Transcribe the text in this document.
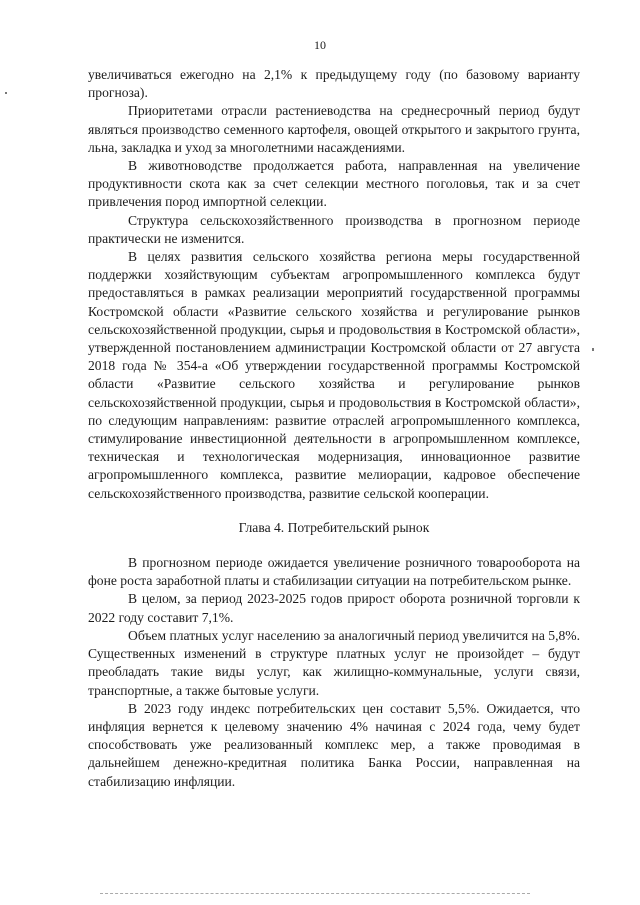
10

увеличиваться ежегодно на 2,1% к предыдущему году (по базовому варианту прогноза).

Приоритетами отрасли растениеводства на среднесрочный период будут являться производство семенного картофеля, овощей открытого и закрытого грунта, льна, закладка и уход за многолетними насаждениями.

В животноводстве продолжается работа, направленная на увеличение продуктивности скота как за счет селекции местного поголовья, так и за счет привлечения пород импортной селекции.

Структура сельскохозяйственного производства в прогнозном периоде практически не изменится.

В целях развития сельского хозяйства региона меры государственной поддержки хозяйствующим субъектам агропромышленного комплекса будут предоставляться в рамках реализации мероприятий государственной программы Костромской области «Развитие сельского хозяйства и регулирование рынков сельскохозяйственной продукции, сырья и продовольствия в Костромской области», утвержденной постановлением администрации Костромской области от 27 августа 2018 года № 354-а «Об утверждении государственной программы Костромской области «Развитие сельского хозяйства и регулирование рынков сельскохозяйственной продукции, сырья и продовольствия в Костромской области», по следующим направлениям: развитие отраслей агропромышленного комплекса, стимулирование инвестиционной деятельности в агропромышленном комплексе, техническая и технологическая модернизация, инновационное развитие агропромышленного комплекса, развитие мелиорации, кадровое обеспечение сельскохозяйственного производства, развитие сельской кооперации.

Глава 4. Потребительский рынок

В прогнозном периоде ожидается увеличение розничного товарооборота на фоне роста заработной платы и стабилизации ситуации на потребительском рынке.

В целом, за период 2023-2025 годов прирост оборота розничной торговли к 2022 году составит 7,1%.

Объем платных услуг населению за аналогичный период увеличится на 5,8%. Существенных изменений в структуре платных услуг не произойдет – будут преобладать такие виды услуг, как жилищно-коммунальные, услуги связи, транспортные, а также бытовые услуги.

В 2023 году индекс потребительских цен составит 5,5%. Ожидается, что инфляция вернется к целевому значению 4% начиная с 2024 года, чему будет способствовать уже реализованный комплекс мер, а также проводимая в дальнейшем денежно-кредитная политика Банка России, направленная на стабилизацию инфляции.
